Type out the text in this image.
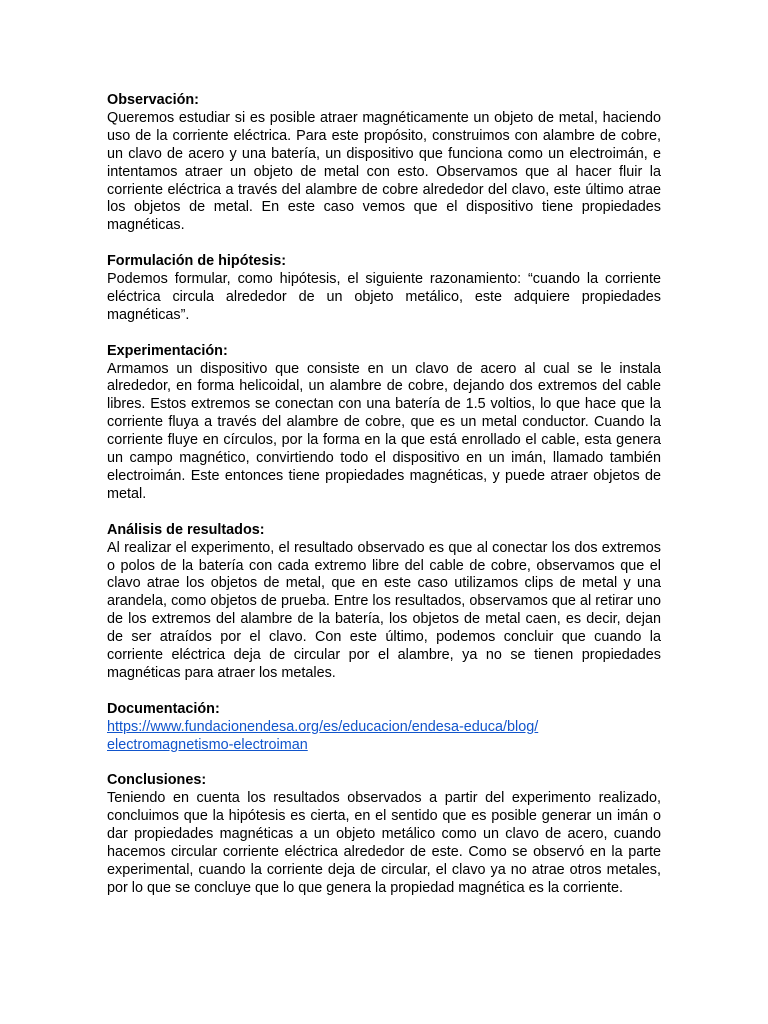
Observación:
Queremos estudiar si es posible atraer magnéticamente un objeto de metal, haciendo uso de la corriente eléctrica. Para este propósito, construimos con alambre de cobre, un clavo de acero y una batería, un dispositivo que funciona como un electroimán, e intentamos atraer un objeto de metal con esto. Observamos que al hacer fluir la corriente eléctrica a través del alambre de cobre alrededor del clavo, este último atrae los objetos de metal. En este caso vemos que el dispositivo tiene propiedades magnéticas.
Formulación de hipótesis:
Podemos formular, como hipótesis, el siguiente razonamiento: “cuando la corriente eléctrica circula alrededor de un objeto metálico, este adquiere propiedades magnéticas”.
Experimentación:
Armamos un dispositivo que consiste en un clavo de acero al cual se le instala alrededor, en forma helicoidal, un alambre de cobre, dejando dos extremos del cable libres. Estos extremos se conectan con una batería de 1.5 voltios, lo que hace que la corriente fluya a través del alambre de cobre, que es un metal conductor. Cuando la corriente fluye en círculos, por la forma en la que está enrollado el cable, esta genera un campo magnético, convirtiendo todo el dispositivo en un imán, llamado también electroimán. Este entonces tiene propiedades magnéticas, y puede atraer objetos de metal.
Análisis de resultados:
Al realizar el experimento, el resultado observado es que al conectar los dos extremos o polos de la batería con cada extremo libre del cable de cobre, observamos que el clavo atrae los objetos de metal, que en este caso utilizamos clips de metal y una arandela, como objetos de prueba. Entre los resultados, observamos que al retirar uno de los extremos del alambre de la batería, los objetos de metal caen, es decir, dejan de ser atraídos por el clavo. Con este último, podemos concluir que cuando la corriente eléctrica deja de circular por el alambre, ya no se tienen propiedades magnéticas para atraer los metales.
Documentación:
https://www.fundacionendesa.org/es/educacion/endesa-educa/blog/
electromagnetismo-electroiman
Conclusiones:
Teniendo en cuenta los resultados observados a partir del experimento realizado, concluimos que la hipótesis es cierta, en el sentido que es posible generar un imán o dar propiedades magnéticas a un objeto metálico como un clavo de acero, cuando hacemos circular corriente eléctrica alrededor de este. Como se observó en la parte experimental, cuando la corriente deja de circular, el clavo ya no atrae otros metales, por lo que se concluye que lo que genera la propiedad magnética es la corriente.
